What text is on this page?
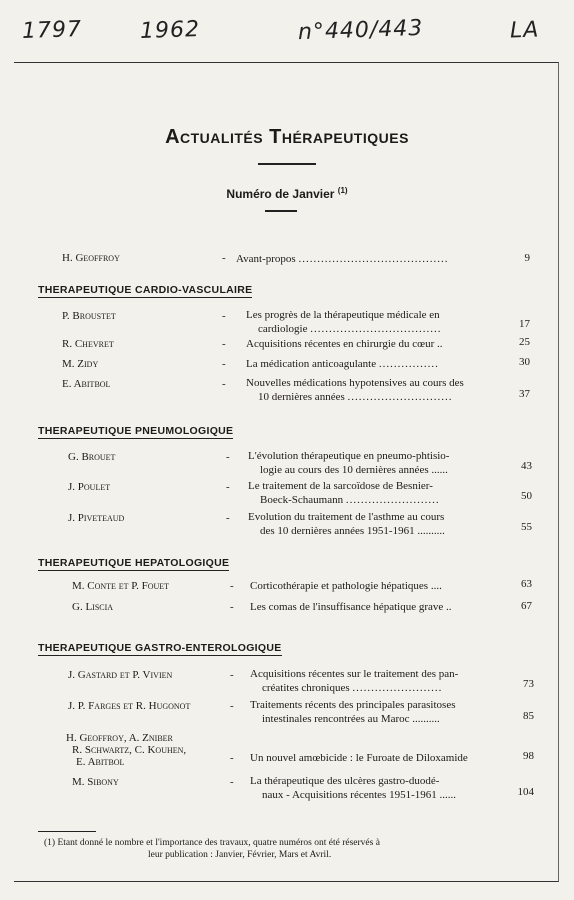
1797	1962	n°440/443	LA
Actualités Thérapeutiques
Numéro de Janvier $^{(1)}$
H. Geoffroy	- Avant-propos ........................................	9
THERAPEUTIQUE CARDIO-VASCULAIRE
P. Broustet	- Les progrès de la thérapeutique médicale en
cardiologie ...................................	17
R. Chevret	- Acquisitions récentes en chirurgie du cœur ..	25
M. Zidy	- La médication anticoagulante ................	30
E. Abitbol	- Nouvelles médications hypotensives au cours des
10 dernières années ............................	37
THERAPEUTIQUE PNEUMOLOGIQUE
G. Brouet	- L'évolution thérapeutique en pneumo-phtisio-
logie au cours des 10 dernières années ......	43
J. Poulet	- Le traitement de la sarcoïdose de Besnier-
Boeck-Schaumann .........................	50
J. Piveteaud	- Evolution du traitement de l'asthme au cours
des 10 dernières années 1951-1961 ..........	55
THERAPEUTIQUE HEPATOLOGIQUE
M. Conte et P. Fouet	- Corticothérapie et pathologie hépatiques ....	63
G. Liscia	- Les comas de l'insuffisance hépatique grave ..	67
THERAPEUTIQUE GASTRO-ENTEROLOGIQUE
J. Gastard et P. Vivien	- Acquisitions récentes sur le traitement des pan-
créatites chroniques ........................	73
J. P. Farges et R. Hugonot	- Traitements récents des principales parasitoses
intestinales rencontrées au Maroc ..........	85
H. Geoffroy, A. Zniber
R. Schwartz, C. Kouhen,
E. Abitbol	- Un nouvel amœbicide : le Furoate de Diloxamide	98
M. Sibony	- La thérapeutique des ulcères gastro-duodé-
naux - Acquisitions récentes 1951-1961 ......	104
(1) Etant donné le nombre et l'importance des travaux, quatre numéros ont été réservés à
leur publication : Janvier, Février, Mars et Avril.
